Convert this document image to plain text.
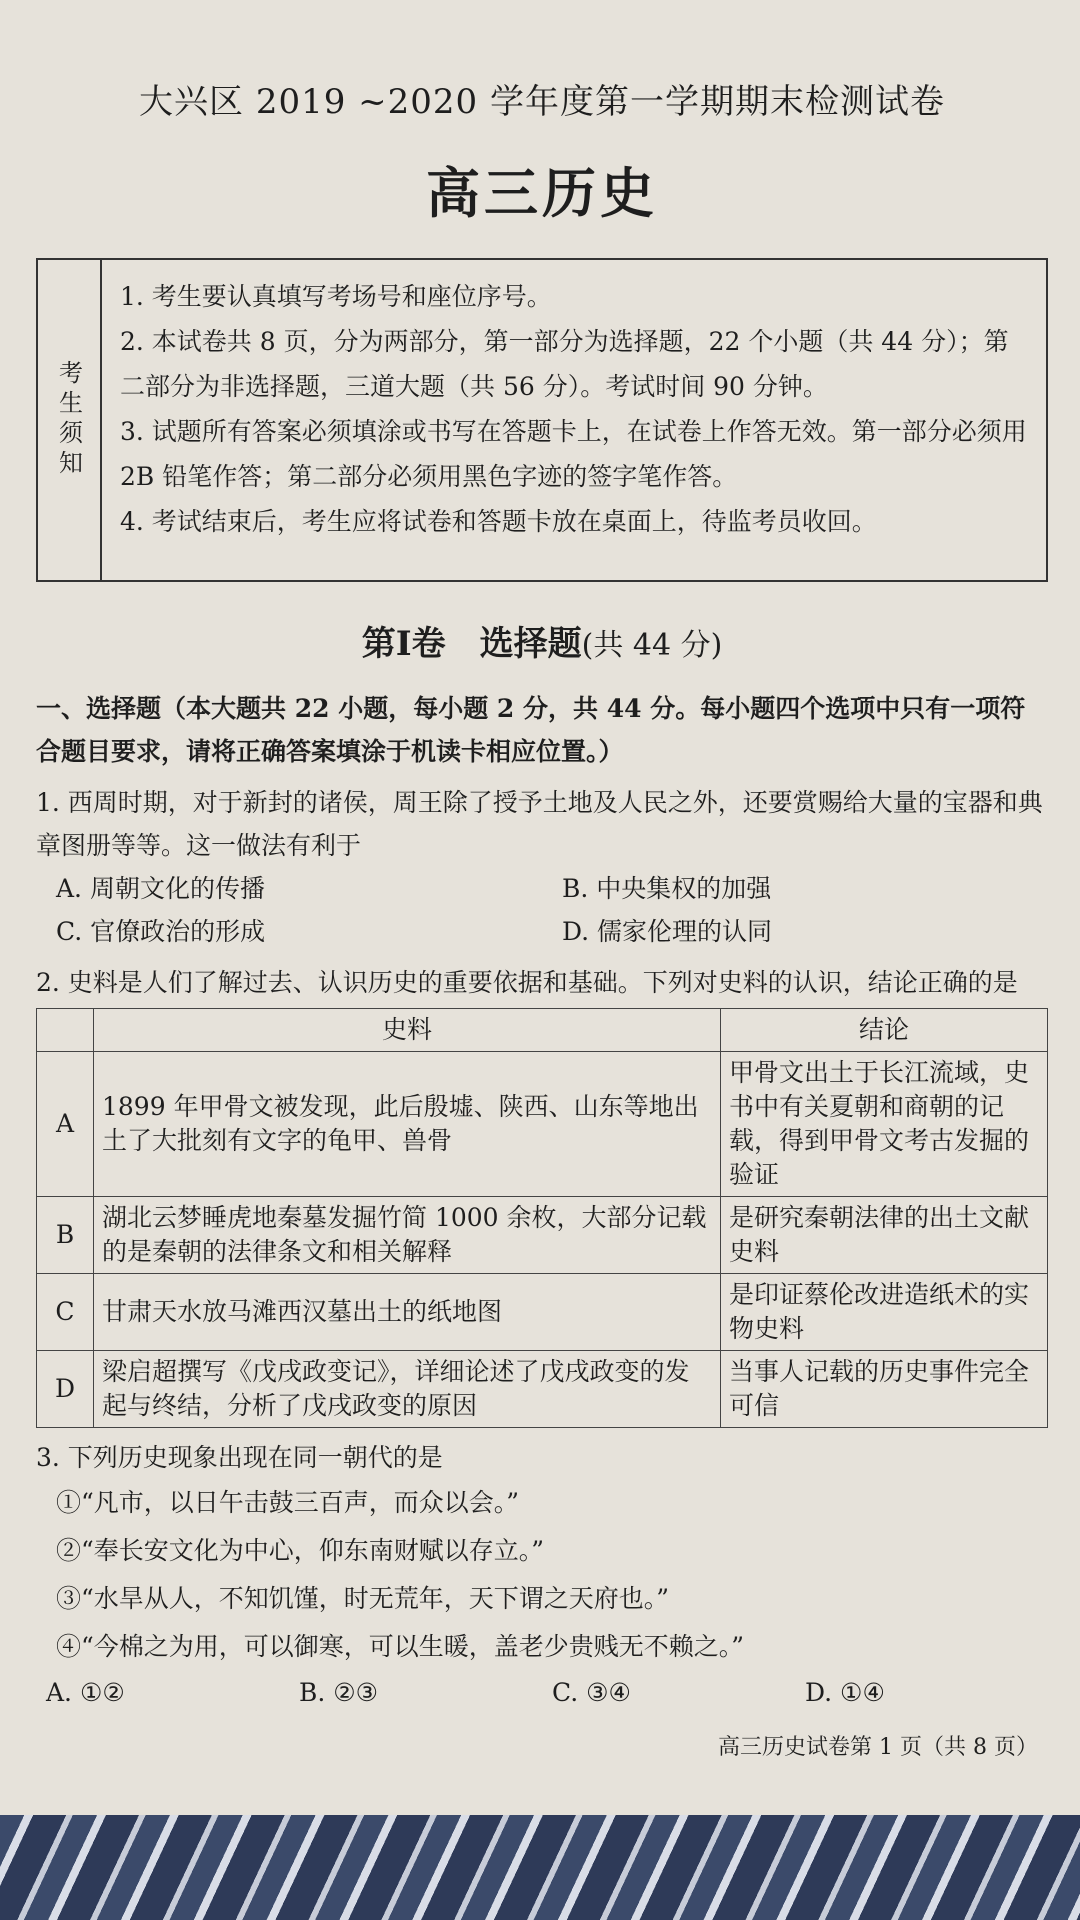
大兴区 2019 ~2020 学年度第一学期期末检测试卷
高三历史
考生须知

1. 考生要认真填写考场号和座位序号。

2. 本试卷共 8 页，分为两部分，第一部分为选择题，22 个小题（共 44 分）；第二部分为非选择题，三道大题（共 56 分）。考试时间 90 分钟。

3. 试题所有答案必须填涂或书写在答题卡上，在试卷上作答无效。第一部分必须用 2B 铅笔作答；第二部分必须用黑色字迹的签字笔作答。

4. 考试结束后，考生应将试卷和答题卡放在桌面上，待监考员收回。

第Ⅰ卷　选择题(共 44 分)
一、选择题（本大题共 22 小题，每小题 2 分，共 44 分。每小题四个选项中只有一项符合题目要求，请将正确答案填涂于机读卡相应位置。）
1. 西周时期，对于新封的诸侯，周王除了授予土地及人民之外，还要赏赐给大量的宝器和典章图册等等。这一做法有利于
A. 周朝文化的传播	B. 中央集权的加强
C. 官僚政治的形成	D. 儒家伦理的认同
2. 史料是人们了解过去、认识历史的重要依据和基础。下列对史料的认识，结论正确的是
	史料	结论
A	1899 年甲骨文被发现，此后殷墟、陕西、山东等地出土了大批刻有文字的龟甲、兽骨	甲骨文出土于长江流域，史书中有关夏朝和商朝的记载，得到甲骨文考古发掘的验证
B	湖北云梦睡虎地秦墓发掘竹简 1000 余枚，大部分记载的是秦朝的法律条文和相关解释	是研究秦朝法律的出土文献史料
C	甘肃天水放马滩西汉墓出土的纸地图	是印证蔡伦改进造纸术的实物史料
D	梁启超撰写《戊戌政变记》，详细论述了戊戌政变的发起与终结，分析了戊戌政变的原因	当事人记载的历史事件完全可信
3. 下列历史现象出现在同一朝代的是
①“凡市，以日午击鼓三百声，而众以会。”
②“奉长安文化为中心，仰东南财赋以存立。”
③“水旱从人，不知饥馑，时无荒年，天下谓之天府也。”
④“今棉之为用，可以御寒，可以生暖，盖老少贵贱无不赖之。”
A. ①②	B. ②③	C. ③④	D. ①④
高三历史试卷第 1 页（共 8 页）
